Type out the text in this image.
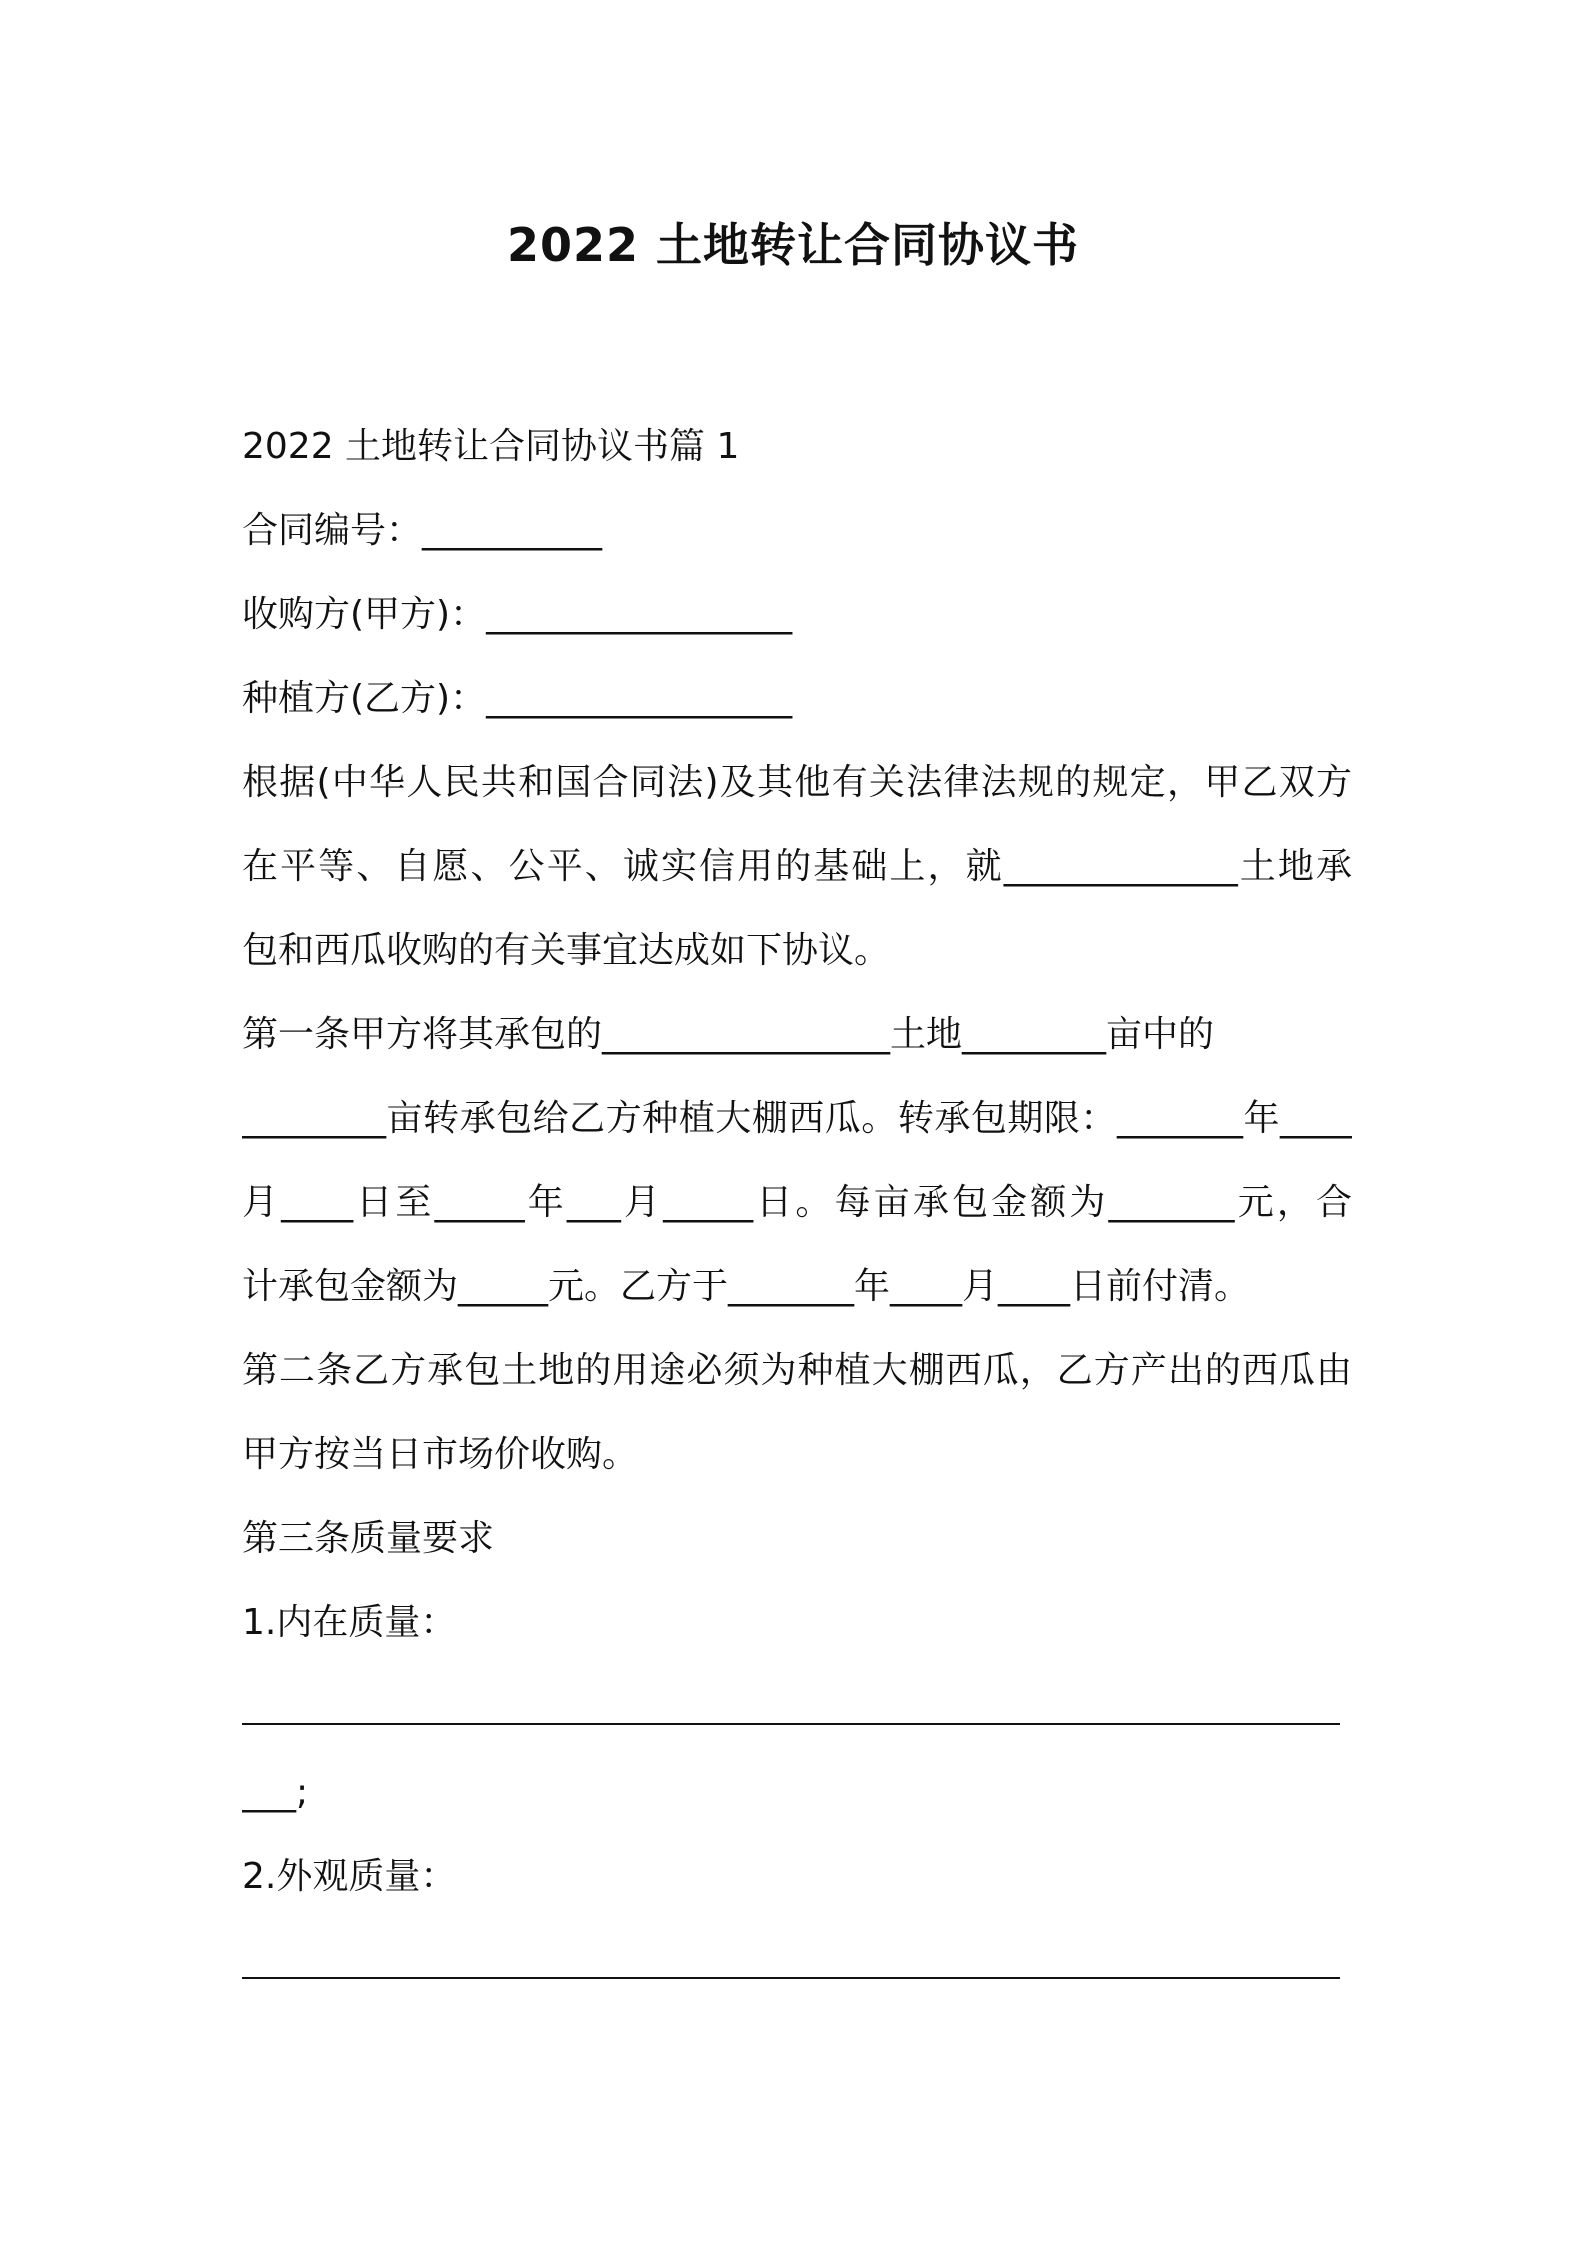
2022 土地转让合同协议书

2022 土地转让合同协议书篇 1

合同编号：__________

收购方(甲方)：_________________

种植方(乙方)：_________________

根据(中华人民共和国合同法)及其他有关法律法规的规定，甲乙双方

在平等、自愿、公平、诚实信用的基础上，就_____________土地承

包和西瓜收购的有关事宜达成如下协议。

第一条甲方将其承包的________________土地________亩中的

________亩转承包给乙方种植大棚西瓜。转承包期限：_______年____

月____日至_____年___月_____日。每亩承包金额为_______元，合

计承包金额为_____元。乙方于_______年____月____日前付清。

第二条乙方承包土地的用途必须为种植大棚西瓜，乙方产出的西瓜由

甲方按当日市场价收购。

第三条质量要求

1.内在质量：

___;

2.外观质量：
